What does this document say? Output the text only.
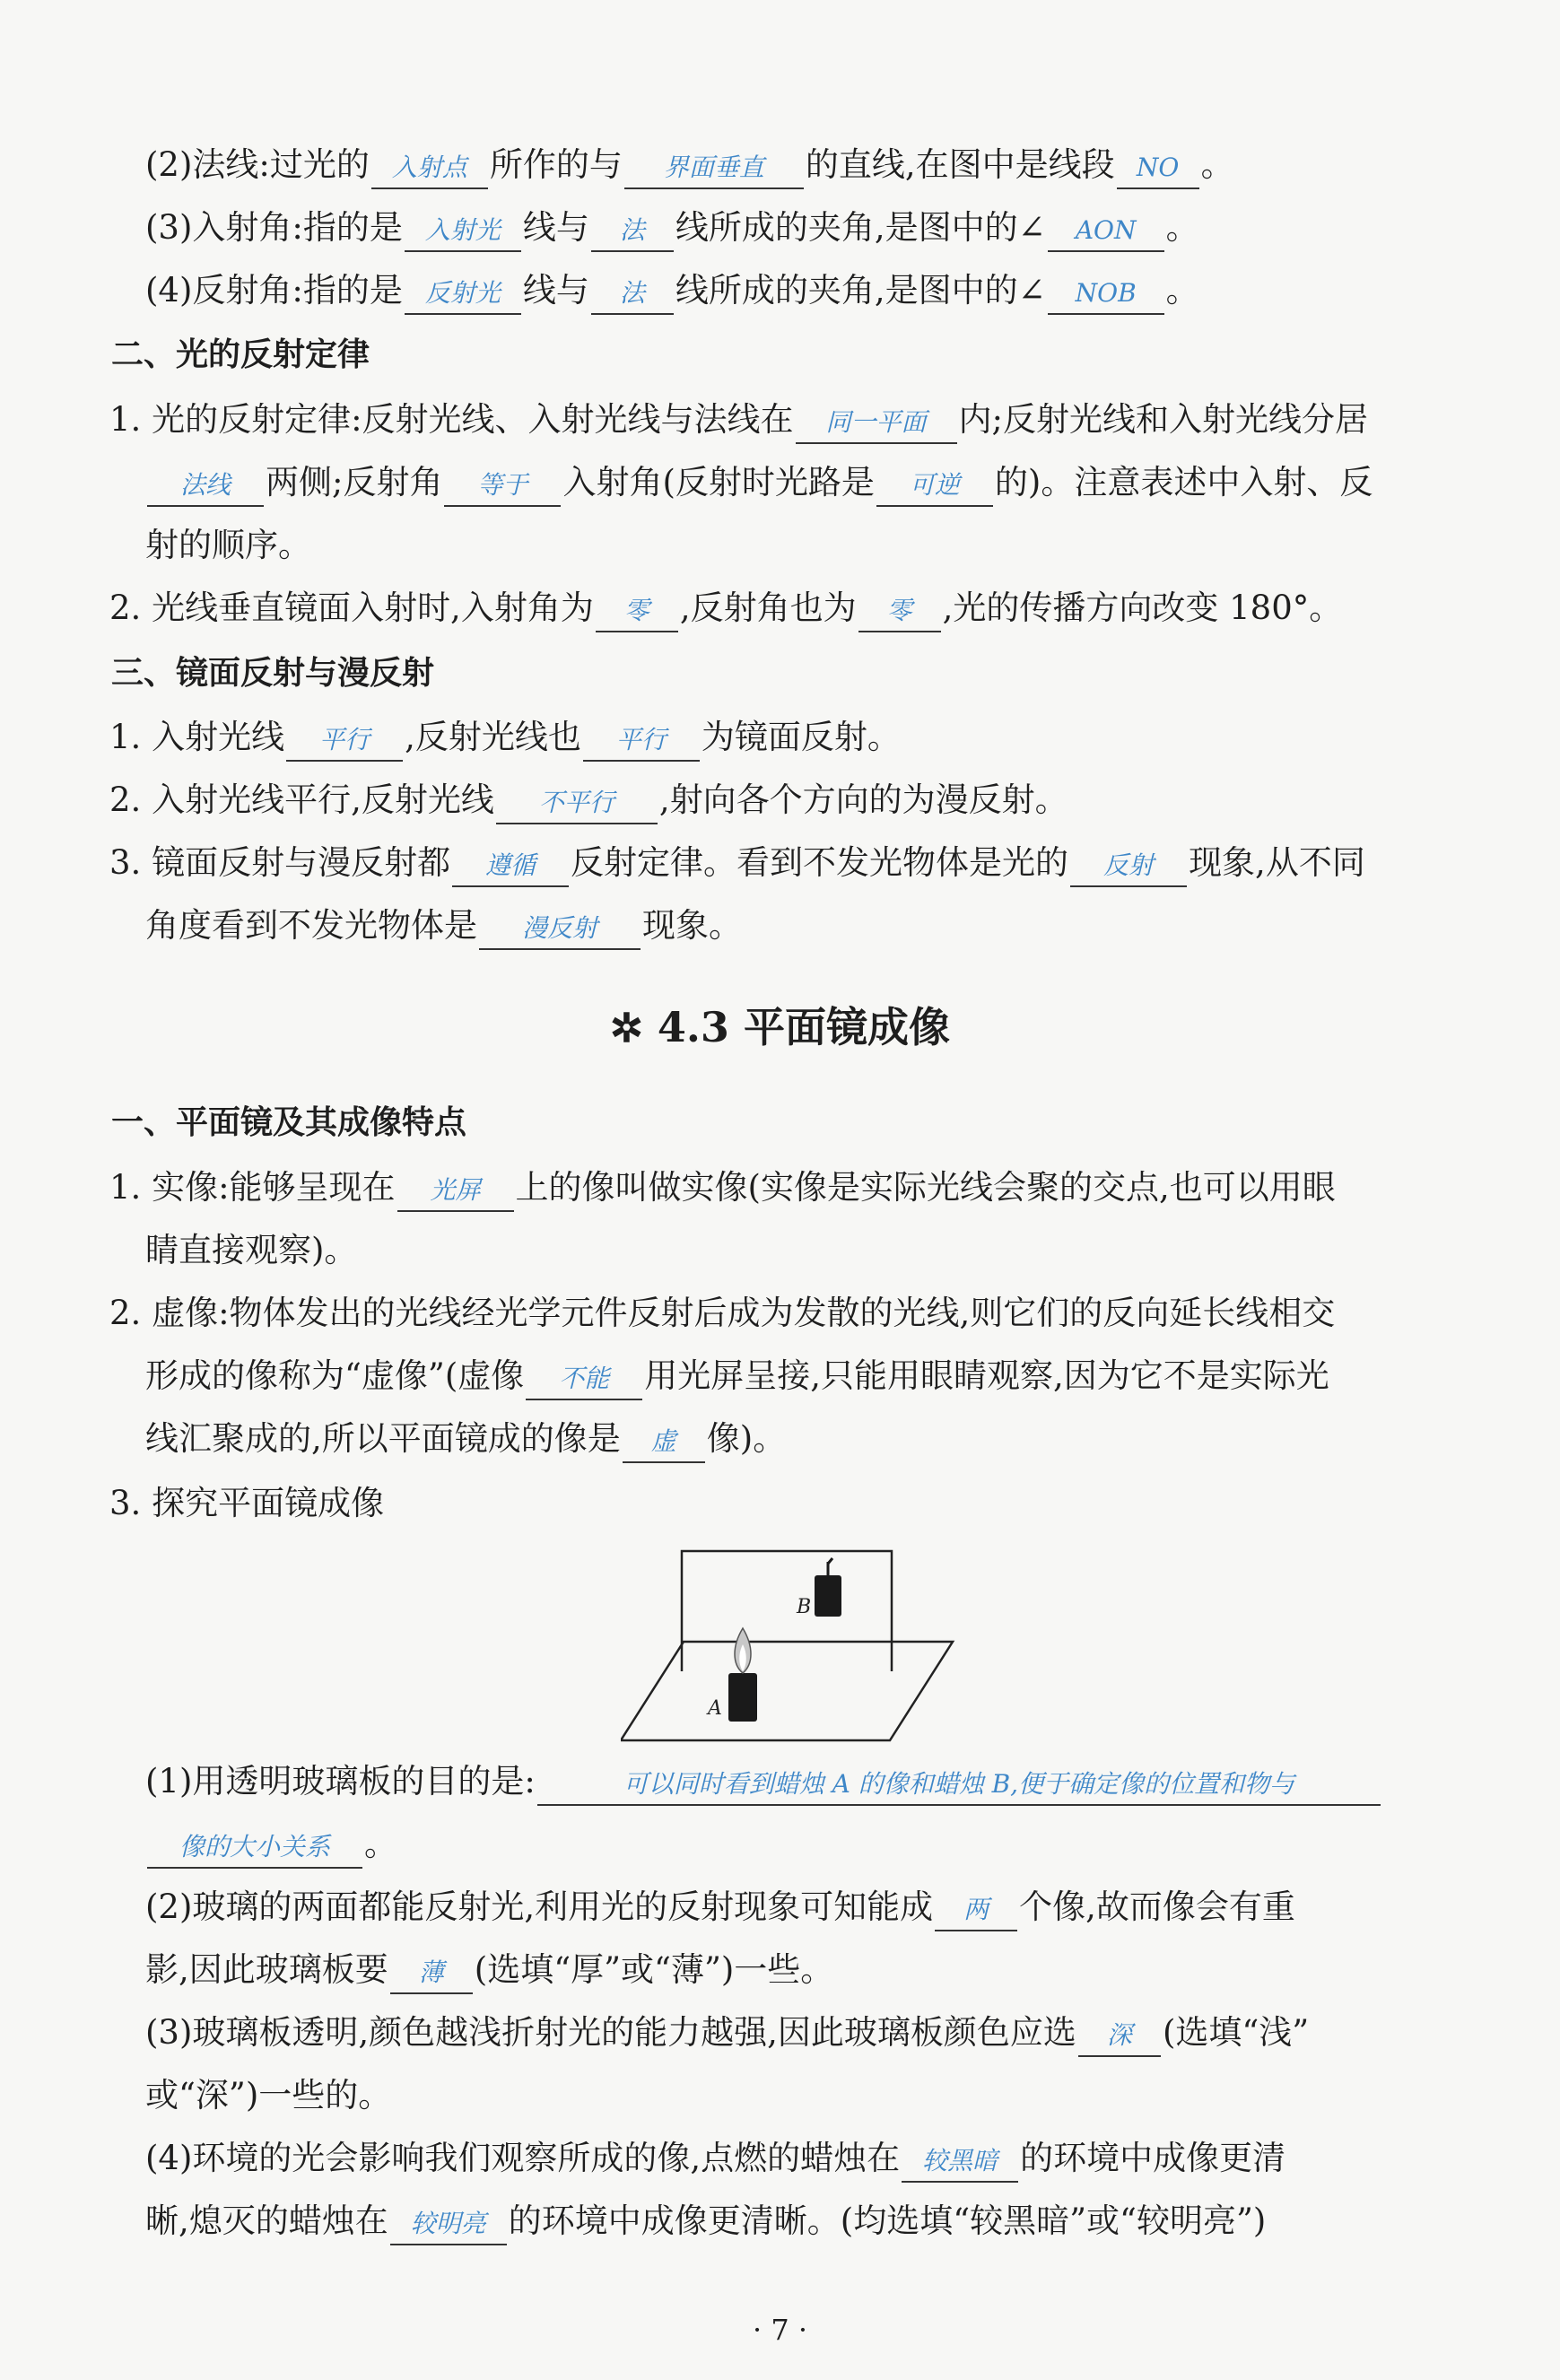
(2)法线:过光的 入射点 所作的与 界面垂直 的直线,在图中是线段 NO 。
(3)入射角:指的是 入射光 线与 法 线所成的夹角,是图中的∠ AON 。
(4)反射角:指的是 反射光 线与 法 线所成的夹角,是图中的∠ NOB 。
二、光的反射定律
1. 光的反射定律:反射光线、入射光线与法线在 同一平面 内;反射光线和入射光线分居
法线 两侧;反射角 等于 入射角(反射时光路是 可逆 的)。注意表述中入射、反
射的顺序。
2. 光线垂直镜面入射时,入射角为 零 ,反射角也为 零 ,光的传播方向改变 180°。
三、镜面反射与漫反射
1. 入射光线 平行 ,反射光线也 平行 为镜面反射。
2. 入射光线平行,反射光线 不平行 ,射向各个方向的为漫反射。
3. 镜面反射与漫反射都 遵循 反射定律。看到不发光物体是光的 反射 现象,从不同
角度看到不发光物体是 漫反射 现象。
✲ 4.3 平面镜成像
一、平面镜及其成像特点
1. 实像:能够呈现在 光屏 上的像叫做实像(实像是实际光线会聚的交点,也可以用眼
睛直接观察)。
2. 虚像:物体发出的光线经光学元件反射后成为发散的光线,则它们的反向延长线相交
形成的像称为“虚像”(虚像 不能 用光屏呈接,只能用眼睛观察,因为它不是实际光
线汇聚成的,所以平面镜成的像是 虚 像)。
3. 探究平面镜成像
B
A
(1)用透明玻璃板的目的是:	可以同时看到蜡烛 A 的像和蜡烛 B,便于确定像的位置和物与
像的大小关系 。
(2)玻璃的两面都能反射光,利用光的反射现象可知能成 两 个像,故而像会有重
影,因此玻璃板要 薄 (选填“厚”或“薄”)一些。
(3)玻璃板透明,颜色越浅折射光的能力越强,因此玻璃板颜色应选 深 (选填“浅”
或“深”)一些的。
(4)环境的光会影响我们观察所成的像,点燃的蜡烛在 较黑暗 的环境中成像更清
晰,熄灭的蜡烛在 较明亮 的环境中成像更清晰。(均选填“较黑暗”或“较明亮”)
· 7 ·
